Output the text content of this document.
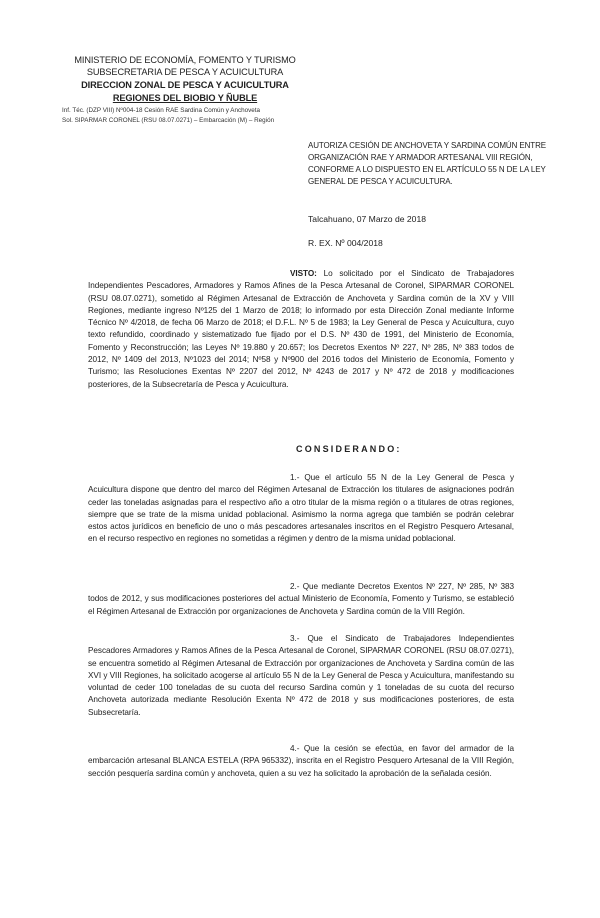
MINISTERIO DE ECONOMÍA, FOMENTO Y TURISMO
SUBSECRETARIA DE PESCA Y ACUICULTURA
DIRECCION ZONAL DE PESCA Y ACUICULTURA
REGIONES DEL BIOBIO Y ÑUBLE
Inf. Téc. (DZP VIII) Nº004-18 Cesión RAE Sardina Común y Anchoveta
Sol. SIPARMAR CORONEL (RSU 08.07.0271) – Embarcación (M) – Región
AUTORIZA CESIÓN DE ANCHOVETA Y SARDINA COMÚN ENTRE ORGANIZACIÓN RAE Y ARMADOR ARTESANAL VIII REGIÓN, CONFORME A LO DISPUESTO EN EL ARTÍCULO 55 N DE LA LEY GENERAL DE PESCA Y ACUICULTURA.
Talcahuano, 07 Marzo de 2018
R. EX. Nº 004/2018
VISTO: Lo solicitado por el Sindicato de Trabajadores Independientes Pescadores, Armadores y Ramos Afines de la Pesca Artesanal de Coronel, SIPARMAR CORONEL (RSU 08.07.0271), sometido al Régimen Artesanal de Extracción de Anchoveta y Sardina común de la XV y VIII Regiones, mediante ingreso Nº125 del 1 Marzo de 2018; lo informado por esta Dirección Zonal mediante Informe Técnico Nº 4/2018, de fecha 06 Marzo de 2018; el D.F.L. Nº 5 de 1983; la Ley General de Pesca y Acuicultura, cuyo texto refundido, coordinado y sistematizado fue fijado por el D.S. Nº 430 de 1991, del Ministerio de Economía, Fomento y Reconstrucción; las Leyes Nº 19.880 y 20.657; los Decretos Exentos Nº 227, Nº 285, Nº 383 todos de 2012, Nº 1409 del 2013, Nº1023 del 2014; Nº58 y Nº900 del 2016 todos del Ministerio de Economía, Fomento y Turismo; las Resoluciones Exentas Nº 2207 del 2012, Nº 4243 de 2017 y Nº 472 de 2018 y modificaciones posteriores, de la Subsecretaría de Pesca y Acuicultura.
CONSIDERANDO:
1.- Que el artículo 55 N de la Ley General de Pesca y Acuicultura dispone que dentro del marco del Régimen Artesanal de Extracción los titulares de asignaciones podrán ceder las toneladas asignadas para el respectivo año a otro titular de la misma región o a titulares de otras regiones, siempre que se trate de la misma unidad poblacional. Asimismo la norma agrega que también se podrán celebrar estos actos jurídicos en beneficio de uno o más pescadores artesanales inscritos en el Registro Pesquero Artesanal, en el recurso respectivo en regiones no sometidas a régimen y dentro de la misma unidad poblacional.
2.- Que mediante Decretos Exentos Nº 227, Nº 285, Nº 383 todos de 2012, y sus modificaciones posteriores del actual Ministerio de Economía, Fomento y Turismo, se estableció el Régimen Artesanal de Extracción por organizaciones de Anchoveta y Sardina común de la VIII Región.
3.- Que el Sindicato de Trabajadores Independientes Pescadores Armadores y Ramos Afines de la Pesca Artesanal de Coronel, SIPARMAR CORONEL (RSU 08.07.0271), se encuentra sometido al Régimen Artesanal de Extracción por organizaciones de Anchoveta y Sardina común de las XVI y VIII Regiones, ha solicitado acogerse al artículo 55 N de la Ley General de Pesca y Acuicultura, manifestando su voluntad de ceder 100 toneladas de su cuota del recurso Sardina común y 1 toneladas de su cuota del recurso Anchoveta autorizada mediante Resolución Exenta Nº 472 de 2018 y sus modificaciones posteriores, de esta Subsecretaría.
4.- Que la cesión se efectúa, en favor del armador de la embarcación artesanal BLANCA ESTELA (RPA 965332), inscrita en el Registro Pesquero Artesanal de la VIII Región, sección pesquería sardina común y anchoveta, quien a su vez ha solicitado la aprobación de la señalada cesión.
